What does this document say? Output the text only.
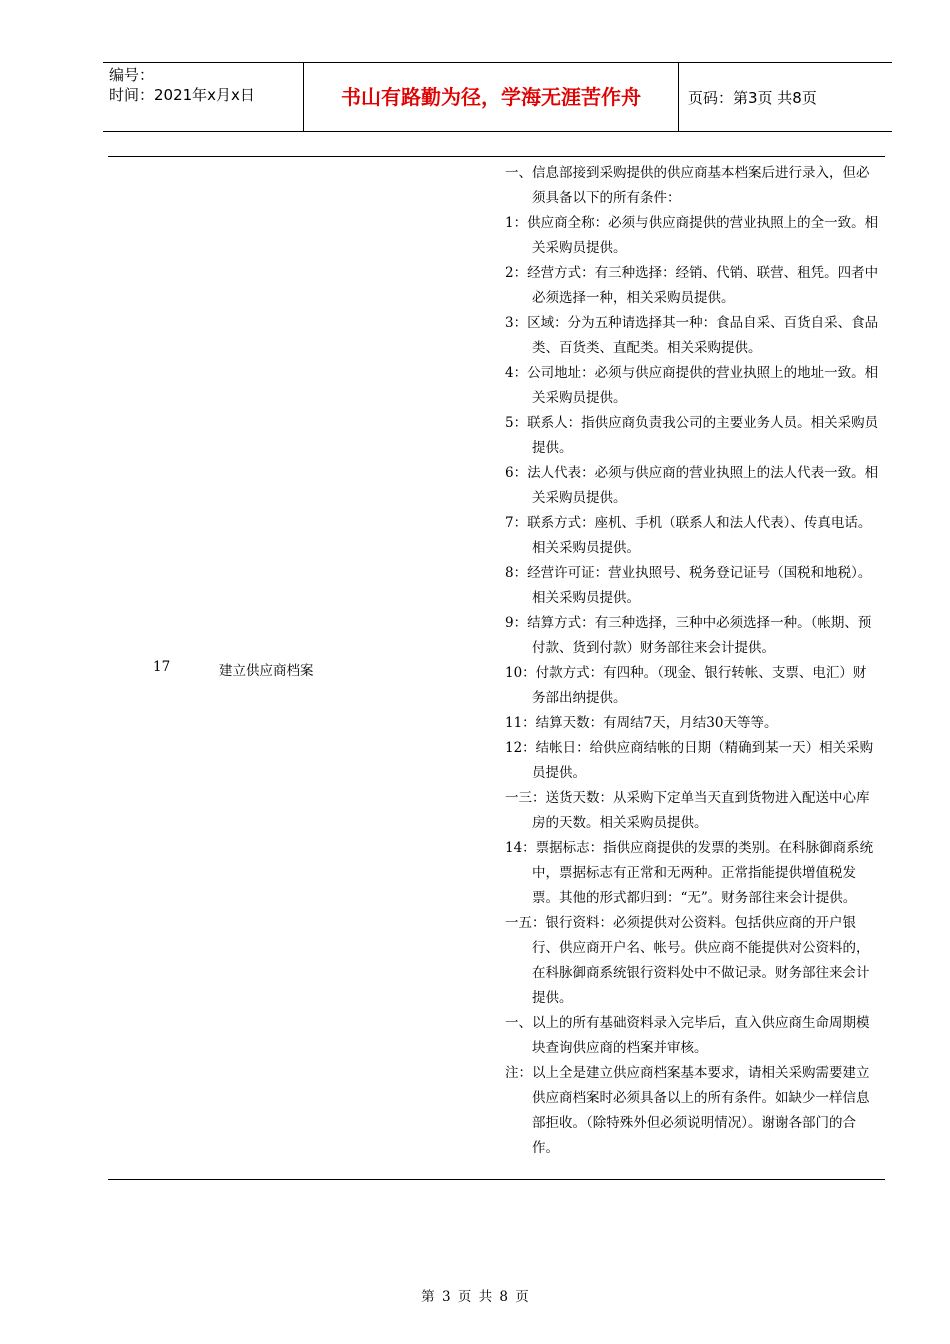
编号：
时间：2021年x月x日	书山有路勤为径，学海无涯苦作舟	页码：第3页 共8页
17	建立供应商档案
一、信息部接到采购提供的供应商基本档案后进行录入，但必须具备以下的所有条件：
1：供应商全称：必须与供应商提供的营业执照上的全一致。相关采购员提供。
2：经营方式：有三种选择：经销、代销、联营、租凭。四者中必须选择一种，相关采购员提供。
3：区域：分为五种请选择其一种：食品自采、百货自采、食品类、百货类、直配类。相关采购提供。
4：公司地址：必须与供应商提供的营业执照上的地址一致。相关采购员提供。
5：联系人：指供应商负责我公司的主要业务人员。相关采购员提供。
6：法人代表：必须与供应商的营业执照上的法人代表一致。相关采购员提供。
7：联系方式：座机、手机（联系人和法人代表）、传真电话。相关采购员提供。
8：经营许可证：营业执照号、税务登记证号（国税和地税）。相关采购员提供。
9：结算方式：有三种选择，三种中必须选择一种。（帐期、预付款、货到付款）财务部往来会计提供。
10：付款方式：有四种。（现金、银行转帐、支票、电汇）财务部出纳提供。
11：结算天数：有周结7天，月结30天等等。
12：结帐日：给供应商结帐的日期（精确到某一天）相关采购员提供。
一三：送货天数：从采购下定单当天直到货物进入配送中心库房的天数。相关采购员提供。
14：票据标志：指供应商提供的发票的类别。在科脉御商系统中，票据标志有正常和无两种。正常指能提供增值税发票。其他的形式都归到：“无”。财务部往来会计提供。
一五：银行资料：必须提供对公资料。包括供应商的开户银行、供应商开户名、帐号。供应商不能提供对公资料的，在科脉御商系统银行资料处中不做记录。财务部往来会计提供。
一、以上的所有基础资料录入完毕后，直入供应商生命周期模块查询供应商的档案并审核。
注：以上全是建立供应商档案基本要求，请相关采购需要建立供应商档案时必须具备以上的所有条件。如缺少一样信息部拒收。（除特殊外但必须说明情况）。谢谢各部门的合作。
第 3 页 共 8 页
